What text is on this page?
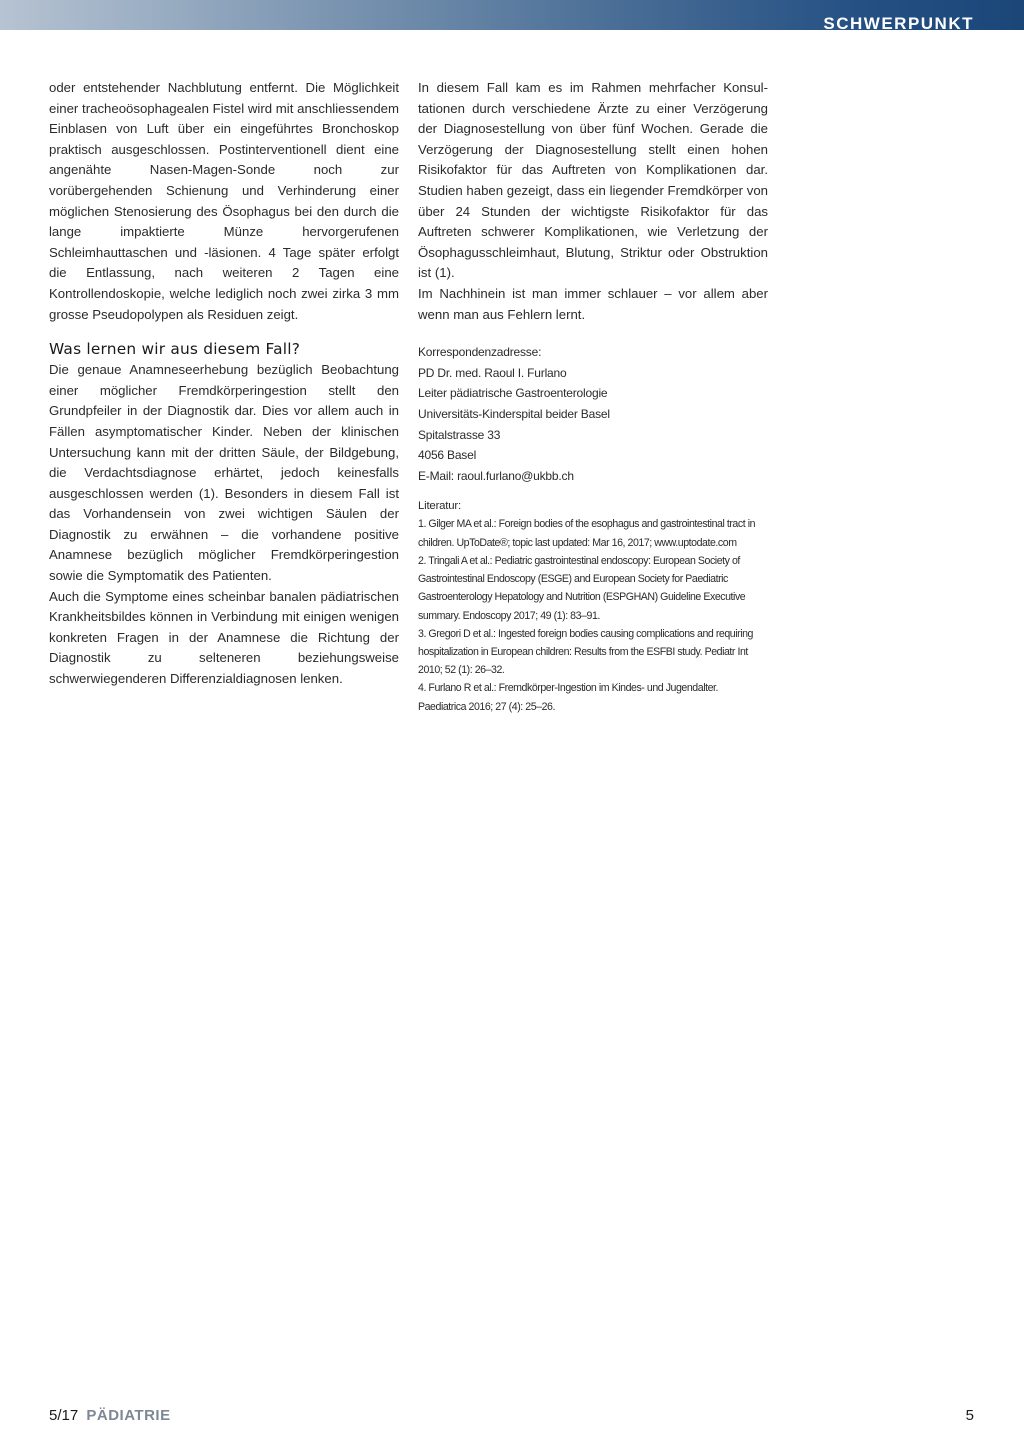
SCHWERPUNKT

oder entstehender Nachblutung entfernt. Die Möglichkeit einer tracheoösophagealen Fistel wird mit anschliessendem Einblasen von Luft über ein eingeführtes Bronchoskop praktisch ausgeschlossen. Postinterventionell dient eine angenähte Nasen-Magen-Sonde noch zur vorübergehenden Schienung und Verhinderung einer möglichen Stenosierung des Ösophagus bei den durch die lange impaktierte Münze hervorgerufenen Schleimhauttaschen und -läsionen. 4 Tage später erfolgt die Entlassung, nach weiteren 2 Tagen eine Kontrollendoskopie, welche lediglich noch zwei zirka 3 mm grosse Pseudopolypen als Residuen zeigt.

Was lernen wir aus diesem Fall?

Die genaue Anamneseerhebung bezüglich Beobachtung einer möglicher Fremdkörperingestion stellt den Grundpfeiler in der Diagnostik dar. Dies vor allem auch in Fällen asymptomatischer Kinder. Neben der klinischen Untersuchung kann mit der dritten Säule, der Bildgebung, die Verdachtsdiagnose erhärtet, jedoch keinesfalls ausgeschlossen werden (1). Besonders in diesem Fall ist das Vorhandensein von zwei wichtigen Säulen der Diagnostik zu erwähnen – die vorhandene positive Anamnese bezüglich möglicher Fremdkörperingestion sowie die Symptomatik des Patienten.

Auch die Symptome eines scheinbar banalen pädiatrischen Krankheitsbildes können in Verbindung mit einigen wenigen konkreten Fragen in der Anamnese die Richtung der Diagnostik zu selteneren beziehungsweise schwerwiegenderen Differenzialdiagnosen lenken.

In diesem Fall kam es im Rahmen mehrfacher Konsultationen durch verschiedene Ärzte zu einer Verzögerung der Diagnosestellung von über fünf Wochen. Gerade die Verzögerung der Diagnosestellung stellt einen hohen Risikofaktor für das Auftreten von Komplikationen dar. Studien haben gezeigt, dass ein liegender Fremdkörper von über 24 Stunden der wichtigste Risikofaktor für das Auftreten schwerer Komplikationen, wie Verletzung der Ösophagusschleimhaut, Blutung, Striktur oder Obstruktion ist (1).

Im Nachhinein ist man immer schlauer – vor allem aber wenn man aus Fehlern lernt.

Korrespondenzadresse:
PD Dr. med. Raoul I. Furlano
Leiter pädiatrische Gastroenterologie
Universitäts-Kinderspital beider Basel
Spitalstrasse 33
4056 Basel
E-Mail: raoul.furlano@ukbb.ch
Literatur:
1. Gilger MA et al.: Foreign bodies of the esophagus and gastrointestinal tract in children. UpToDate®; topic last updated: Mar 16, 2017; www.uptodate.com
2. Tringali A et al.: Pediatric gastrointestinal endoscopy: European Society of Gastrointestinal Endoscopy (ESGE) and European Society for Paediatric Gastroenterology Hepatology and Nutrition (ESPGHAN) Guideline Executive summary. Endoscopy 2017; 49 (1): 83–91.
3. Gregori D et al.: Ingested foreign bodies causing complications and requiring hospitalization in European children: Results from the ESFBI study. Pediatr Int 2010; 52 (1): 26–32.
4. Furlano R et al.: Fremdkörper-Ingestion im Kindes- und Jugendalter. Paediatrica 2016; 27 (4): 25–26.
5/17 PÄDIATRIE	5
